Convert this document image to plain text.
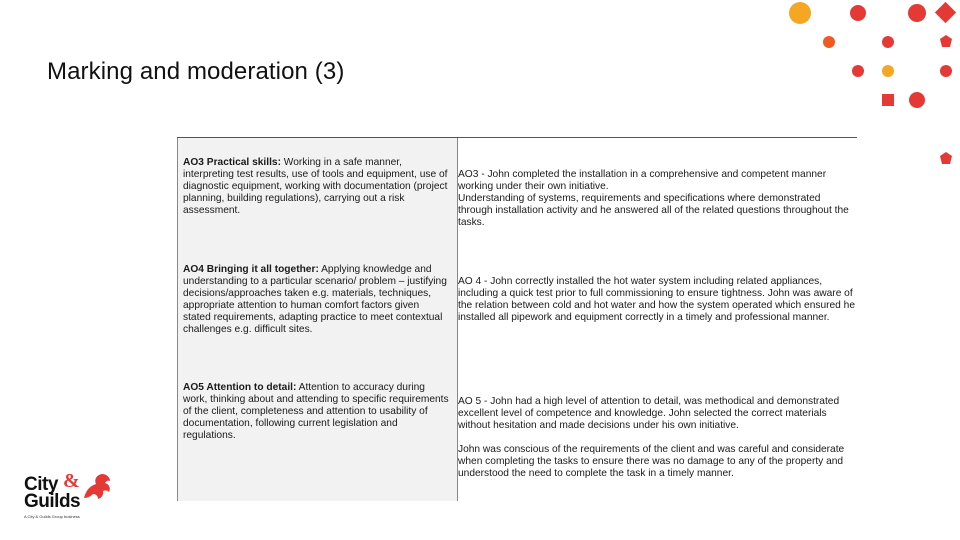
Marking and moderation (3)
AO3 Practical skills: Working in a safe manner, interpreting test results, use of tools and equipment, use of diagnostic equipment, working with documentation (project planning, building regulations), carrying out a risk assessment.
AO4 Bringing it all together: Applying knowledge and understanding to a particular scenario/ problem – justifying decisions/approaches taken e.g. materials, techniques, appropriate attention to human comfort factors given stated requirements, adapting practice to meet contextual challenges e.g. difficult sites.
AO5 Attention to detail: Attention to accuracy during work, thinking about and attending to specific requirements of the client, completeness and attention to usability of documentation, following current legislation and regulations.
AO3 - John completed the installation in a comprehensive and competent manner working under their own initiative.
Understanding of systems, requirements and specifications where demonstrated through installation activity and he answered all of the related questions throughout the tasks.
AO 4 - John correctly installed the hot water system including related appliances, including a quick test prior to full commissioning to ensure tightness. John was aware of the relation between cold and hot water and how the system operated which ensured he installed all pipework and equipment correctly in a timely and professional manner.
AO 5 - John had a high level of attention to detail, was methodical and demonstrated excellent level of competence and knowledge. John selected the correct materials without hesitation and made decisions under his own initiative.
John was conscious of the requirements of the client and was careful and considerate when completing the tasks to ensure there was no damage to any of the property and understood the need to complete the task in a timely manner.
City &
Guilds
A City & Guilds Group business
